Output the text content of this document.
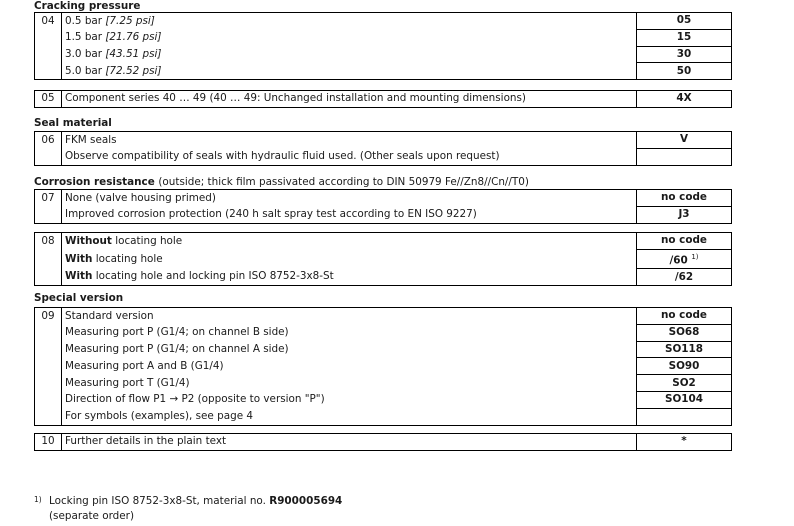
Cracking pressure
04	0.5 bar [7.25 psi]	05
	1.5 bar [21.76 psi]	15
	3.0 bar [43.51 psi]	30
	5.0 bar [72.52 psi]	50
05	Component series 40 … 49 (40 … 49: Unchanged installation and mounting dimensions)	4X
Seal material
06	FKM seals	V
	Observe compatibility of seals with hydraulic fluid used. (Other seals upon request)	
Corrosion resistance (outside; thick film passivated according to DIN 50979 Fe//Zn8//Cn//T0)
07	None (valve housing primed)	no code
	Improved corrosion protection (240 h salt spray test according to EN ISO 9227)	J3
08	Without locating hole	no code
	With locating hole	/60 $^{1)}$
	With locating hole and locking pin ISO 8752-3x8-St	/62
Special version
09	Standard version	no code
	Measuring port P (G1/4; on channel B side)	SO68
	Measuring port P (G1/4; on channel A side)	SO118
	Measuring port A and B (G1/4)	SO90
	Measuring port T (G1/4)	SO2
	Direction of flow P1 → P2 (opposite to version "P")	SO104
	For symbols (examples), see page 4	
10	Further details in the plain text	*
1) Locking pin ISO 8752-3x8-St, material no. R900005694
(separate order)
